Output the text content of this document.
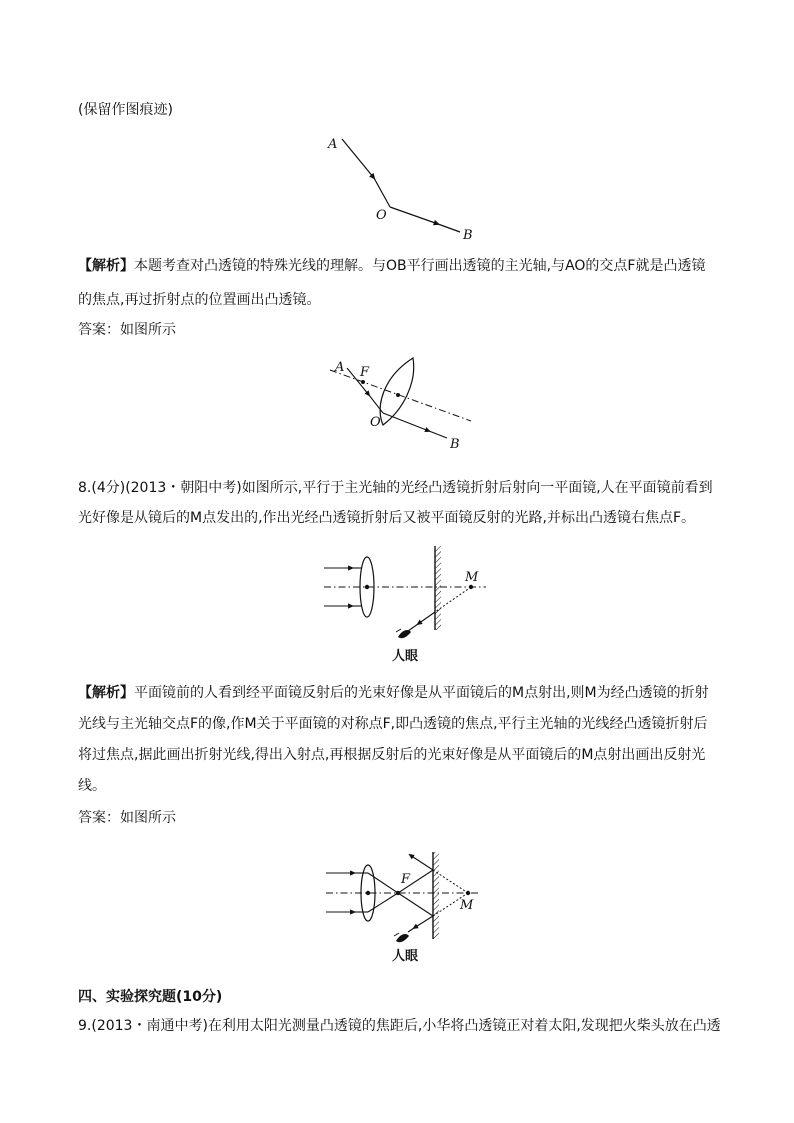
(保留作图痕迹)
A
O
B
【解析】本题考查对凸透镜的特殊光线的理解。与OB平行画出透镜的主光轴,与AO的交点F就是凸透镜
的焦点,再过折射点的位置画出凸透镜。
答案：如图所示
A F
O
B
8.(4分)(2013・朝阳中考)如图所示,平行于主光轴的光经凸透镜折射后射向一平面镜,人在平面镜前看到
光好像是从镜后的M点发出的,作出光经凸透镜折射后又被平面镜反射的光路,并标出凸透镜右焦点F。
M
人眼
【解析】平面镜前的人看到经平面镜反射后的光束好像是从平面镜后的M点射出,则M为经凸透镜的折射
光线与主光轴交点F的像,作M关于平面镜的对称点F,即凸透镜的焦点,平行主光轴的光线经凸透镜折射后
将过焦点,据此画出折射光线,得出入射点,再根据反射后的光束好像是从平面镜后的M点射出画出反射光
线。
答案：如图所示
F
M
人眼
四、实验探究题(10分)
9.(2013・南通中考)在利用太阳光测量凸透镜的焦距后,小华将凸透镜正对着太阳,发现把火柴头放在凸透
